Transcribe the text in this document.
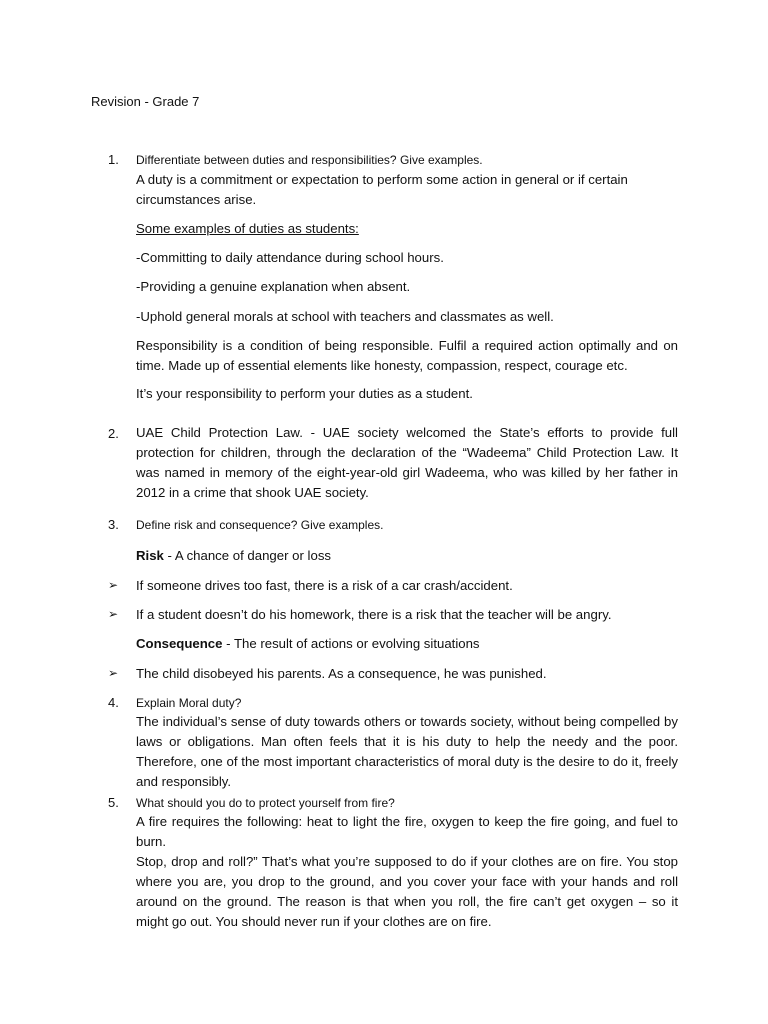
Revision - Grade 7
1. Differentiate between duties and responsibilities? Give examples.
A duty is a commitment or expectation to perform some action in general or if certain circumstances arise.
Some examples of duties as students:
-Committing to daily attendance during school hours.
-Providing a genuine explanation when absent.
-Uphold general morals at school with teachers and classmates as well.
Responsibility is a condition of being responsible. Fulfil a required action optimally and on time. Made up of essential elements like honesty, compassion, respect, courage etc.
It’s your responsibility to perform your duties as a student.
2. UAE Child Protection Law. - UAE society welcomed the State’s efforts to provide full protection for children, through the declaration of the “Wadeema” Child Protection Law. It was named in memory of the eight-year-old girl Wadeema, who was killed by her father in 2012 in a crime that shook UAE society.
3. Define risk and consequence? Give examples.
Risk - A chance of danger or loss
➢ If someone drives too fast, there is a risk of a car crash/accident.
➢ If a student doesn’t do his homework, there is a risk that the teacher will be angry.
Consequence - The result of actions or evolving situations
➢ The child disobeyed his parents. As a consequence, he was punished.
4. Explain Moral duty?
The individual’s sense of duty towards others or towards society, without being compelled by laws or obligations. Man often feels that it is his duty to help the needy and the poor. Therefore, one of the most important characteristics of moral duty is the desire to do it, freely and responsibly.
5. What should you do to protect yourself from fire?
A fire requires the following: heat to light the fire, oxygen to keep the fire going, and fuel to burn.
Stop, drop and roll?” That’s what you’re supposed to do if your clothes are on fire. You stop where you are, you drop to the ground, and you cover your face with your hands and roll around on the ground. The reason is that when you roll, the fire can’t get oxygen – so it might go out. You should never run if your clothes are on fire.
